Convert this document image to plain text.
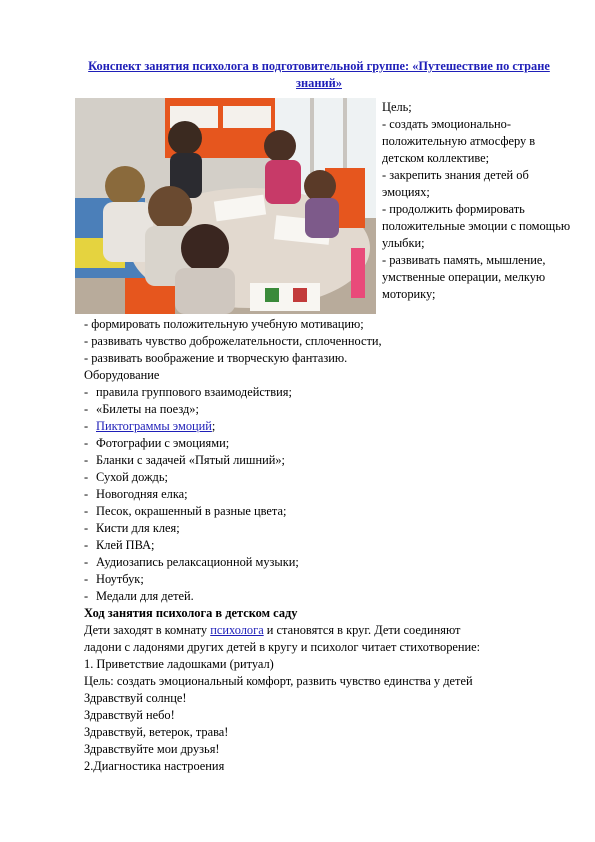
Конспект занятия психолога в подготовительной группе: «Путешествие по стране знаний»
Цель;
- создать эмоционально-положительную атмосферу в детском коллективе;
- закрепить знания детей об эмоциях;
- продолжить формировать положительные эмоции с помощью улыбки;
- развивать память, мышление, умственные операции, мелкую моторику;
- формировать положительную учебную мотивацию;
- развивать чувство доброжелательности, сплоченности,
- развивать воображение и творческую фантазию.
Оборудование
- правила группового взаимодействия;
- «Билеты на поезд»;
- Пиктограммы эмоций;
- Фотографии с эмоциями;
- Бланки с задачей «Пятый лишний»;
- Сухой дождь;
- Новогодняя елка;
- Песок, окрашенный в разные цвета;
- Кисти для клея;
- Клей ПВА;
- Аудиозапись релаксационной музыки;
- Ноутбук;
- Медали для детей.
Ход занятия психолога в детском саду
Дети заходят в комнату психолога и становятся в круг. Дети соединяют
ладони с ладонями других детей в кругу и психолог читает стихотворение:
1. Приветствие ладошками (ритуал)
Цель: создать эмоциональный комфорт, развить чувство единства у детей
Здравствуй солнце!
Здравствуй небо!
Здравствуй, ветерок, трава!
Здравствуйте мои друзья!
2.Диагностика настроения
